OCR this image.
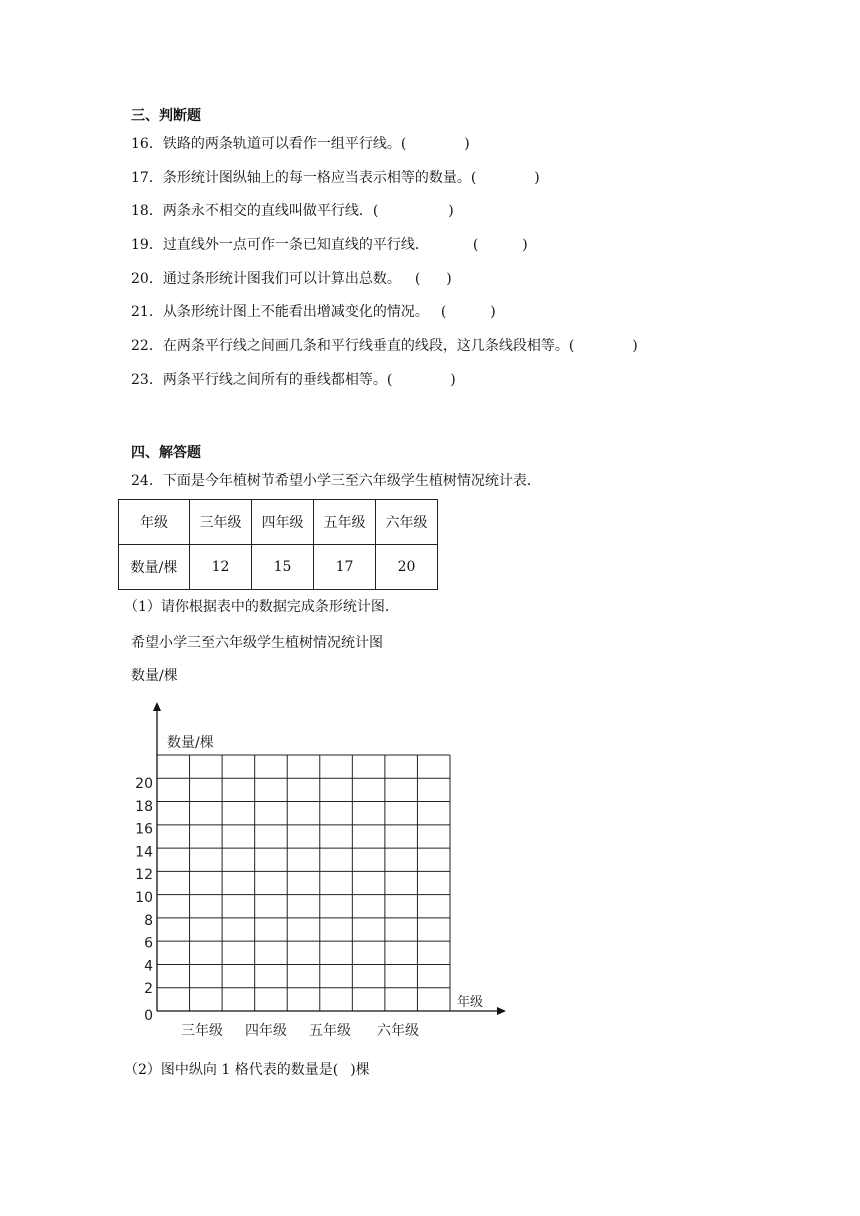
三、判断题
16．铁路的两条轨道可以看作一组平行线。(	)
17．条形统计图纵轴上的每一格应当表示相等的数量。(	)
18．两条永不相交的直线叫做平行线．(	)
19．过直线外一点可作一条已知直线的平行线．	(	)
20．通过条形统计图我们可以计算出总数。 ( )
21．从条形统计图上不能看出增减变化的情况。 (	)
22．在两条平行线之间画几条和平行线垂直的线段，这几条线段相等。(	)
23．两条平行线之间所有的垂线都相等。(	)
四、解答题
24．下面是今年植树节希望小学三至六年级学生植树情况统计表．
年级	三年级	四年级	五年级	六年级
数量/棵	12	15	17	20
（1）请你根据表中的数据完成条形统计图.
希望小学三至六年级学生植树情况统计图
数量/棵
0
2
4
6
8
10
12
14
16
18
20
数量/棵
年级
三年级 四年级 五年级 六年级
（2）图中纵向 1 格代表的数量是( )棵
